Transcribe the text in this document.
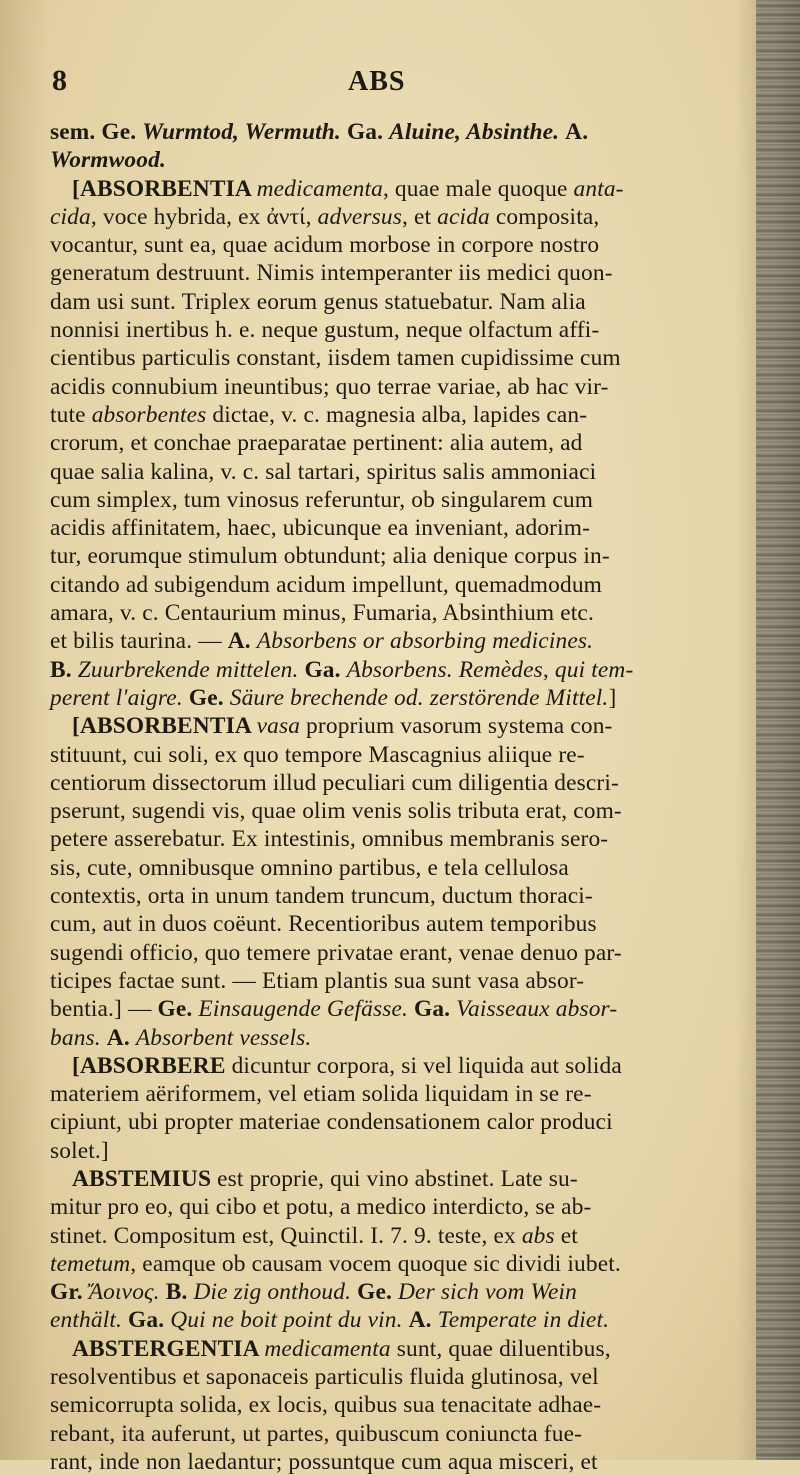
8	ABS
sem. Ge. Wurmtod, Wermuth. Ga. Aluine, Absinthe. A.
Wormwood.
[ABSORBENTIA medicamenta, quae male quoque anta-
cida, voce hybrida, ex ἀντί, adversus, et acida composita,
vocantur, sunt ea, quae acidum morbose in corpore nostro
generatum destruunt. Nimis intemperanter iis medici quon-
dam usi sunt. Triplex eorum genus statuebatur. Nam alia
nonnisi inertibus h. e. neque gustum, neque olfactum affi-
cientibus particulis constant, iisdem tamen cupidissime cum
acidis connubium ineuntibus; quo terrae variae, ab hac vir-
tute absorbentes dictae, v. c. magnesia alba, lapides can-
crorum, et conchae praeparatae pertinent: alia autem, ad
quae salia kalina, v. c. sal tartari, spiritus salis ammoniaci
cum simplex, tum vinosus referuntur, ob singularem cum
acidis affinitatem, haec, ubicunque ea inveniant, adorim-
tur, eorumque stimulum obtundunt; alia denique corpus in-
citando ad subigendum acidum impellunt, quemadmodum
amara, v. c. Centaurium minus, Fumaria, Absinthium etc.
et bilis taurina. — A. Absorbens or absorbing medicines.
B. Zuurbrekende mittelen. Ga. Absorbens. Remèdes, qui tem-
perent l'aigre. Ge. Säure brechende od. zerstörende Mittel.]
[ABSORBENTIA vasa proprium vasorum systema con-
stituunt, cui soli, ex quo tempore Mascagnius aliique re-
centiorum dissectorum illud peculiari cum diligentia descri-
pserunt, sugendi vis, quae olim venis solis tributa erat, com-
petere asserebatur. Ex intestinis, omnibus membranis sero-
sis, cute, omnibusque omnino partibus, e tela cellulosa
contextis, orta in unum tandem truncum, ductum thoraci-
cum, aut in duos coëunt. Recentioribus autem temporibus
sugendi officio, quo temere privatae erant, venae denuo par-
ticipes factae sunt. — Etiam plantis sua sunt vasa absor-
bentia.] — Ge. Einsaugende Gefässe. Ga. Vaisseaux absor-
bans. A. Absorbent vessels.
[ABSORBERE dicuntur corpora, si vel liquida aut solida
materiem aëriformem, vel etiam solida liquidam in se re-
cipiunt, ubi propter materiae condensationem calor produci
solet.]
ABSTEMIUS est proprie, qui vino abstinet. Late su-
mitur pro eo, qui cibo et potu, a medico interdicto, se ab-
stinet. Compositum est, Quinctil. I. 7. 9. teste, ex abs et
temetum, eamque ob causam vocem quoque sic dividi iubet.
Gr. Ἄοινος. B. Die zig onthoud. Ge. Der sich vom Wein
enthält. Ga. Qui ne boit point du vin. A. Temperate in diet.
ABSTERGENTIA medicamenta sunt, quae diluentibus,
resolventibus et saponaceis particulis fluida glutinosa, vel
semicorrupta solida, ex locis, quibus sua tenacitate adhae-
rebant, ita auferunt, ut partes, quibuscum coniuncta fue-
rant, inde non laedantur; possuntque cum aqua misceri, et
